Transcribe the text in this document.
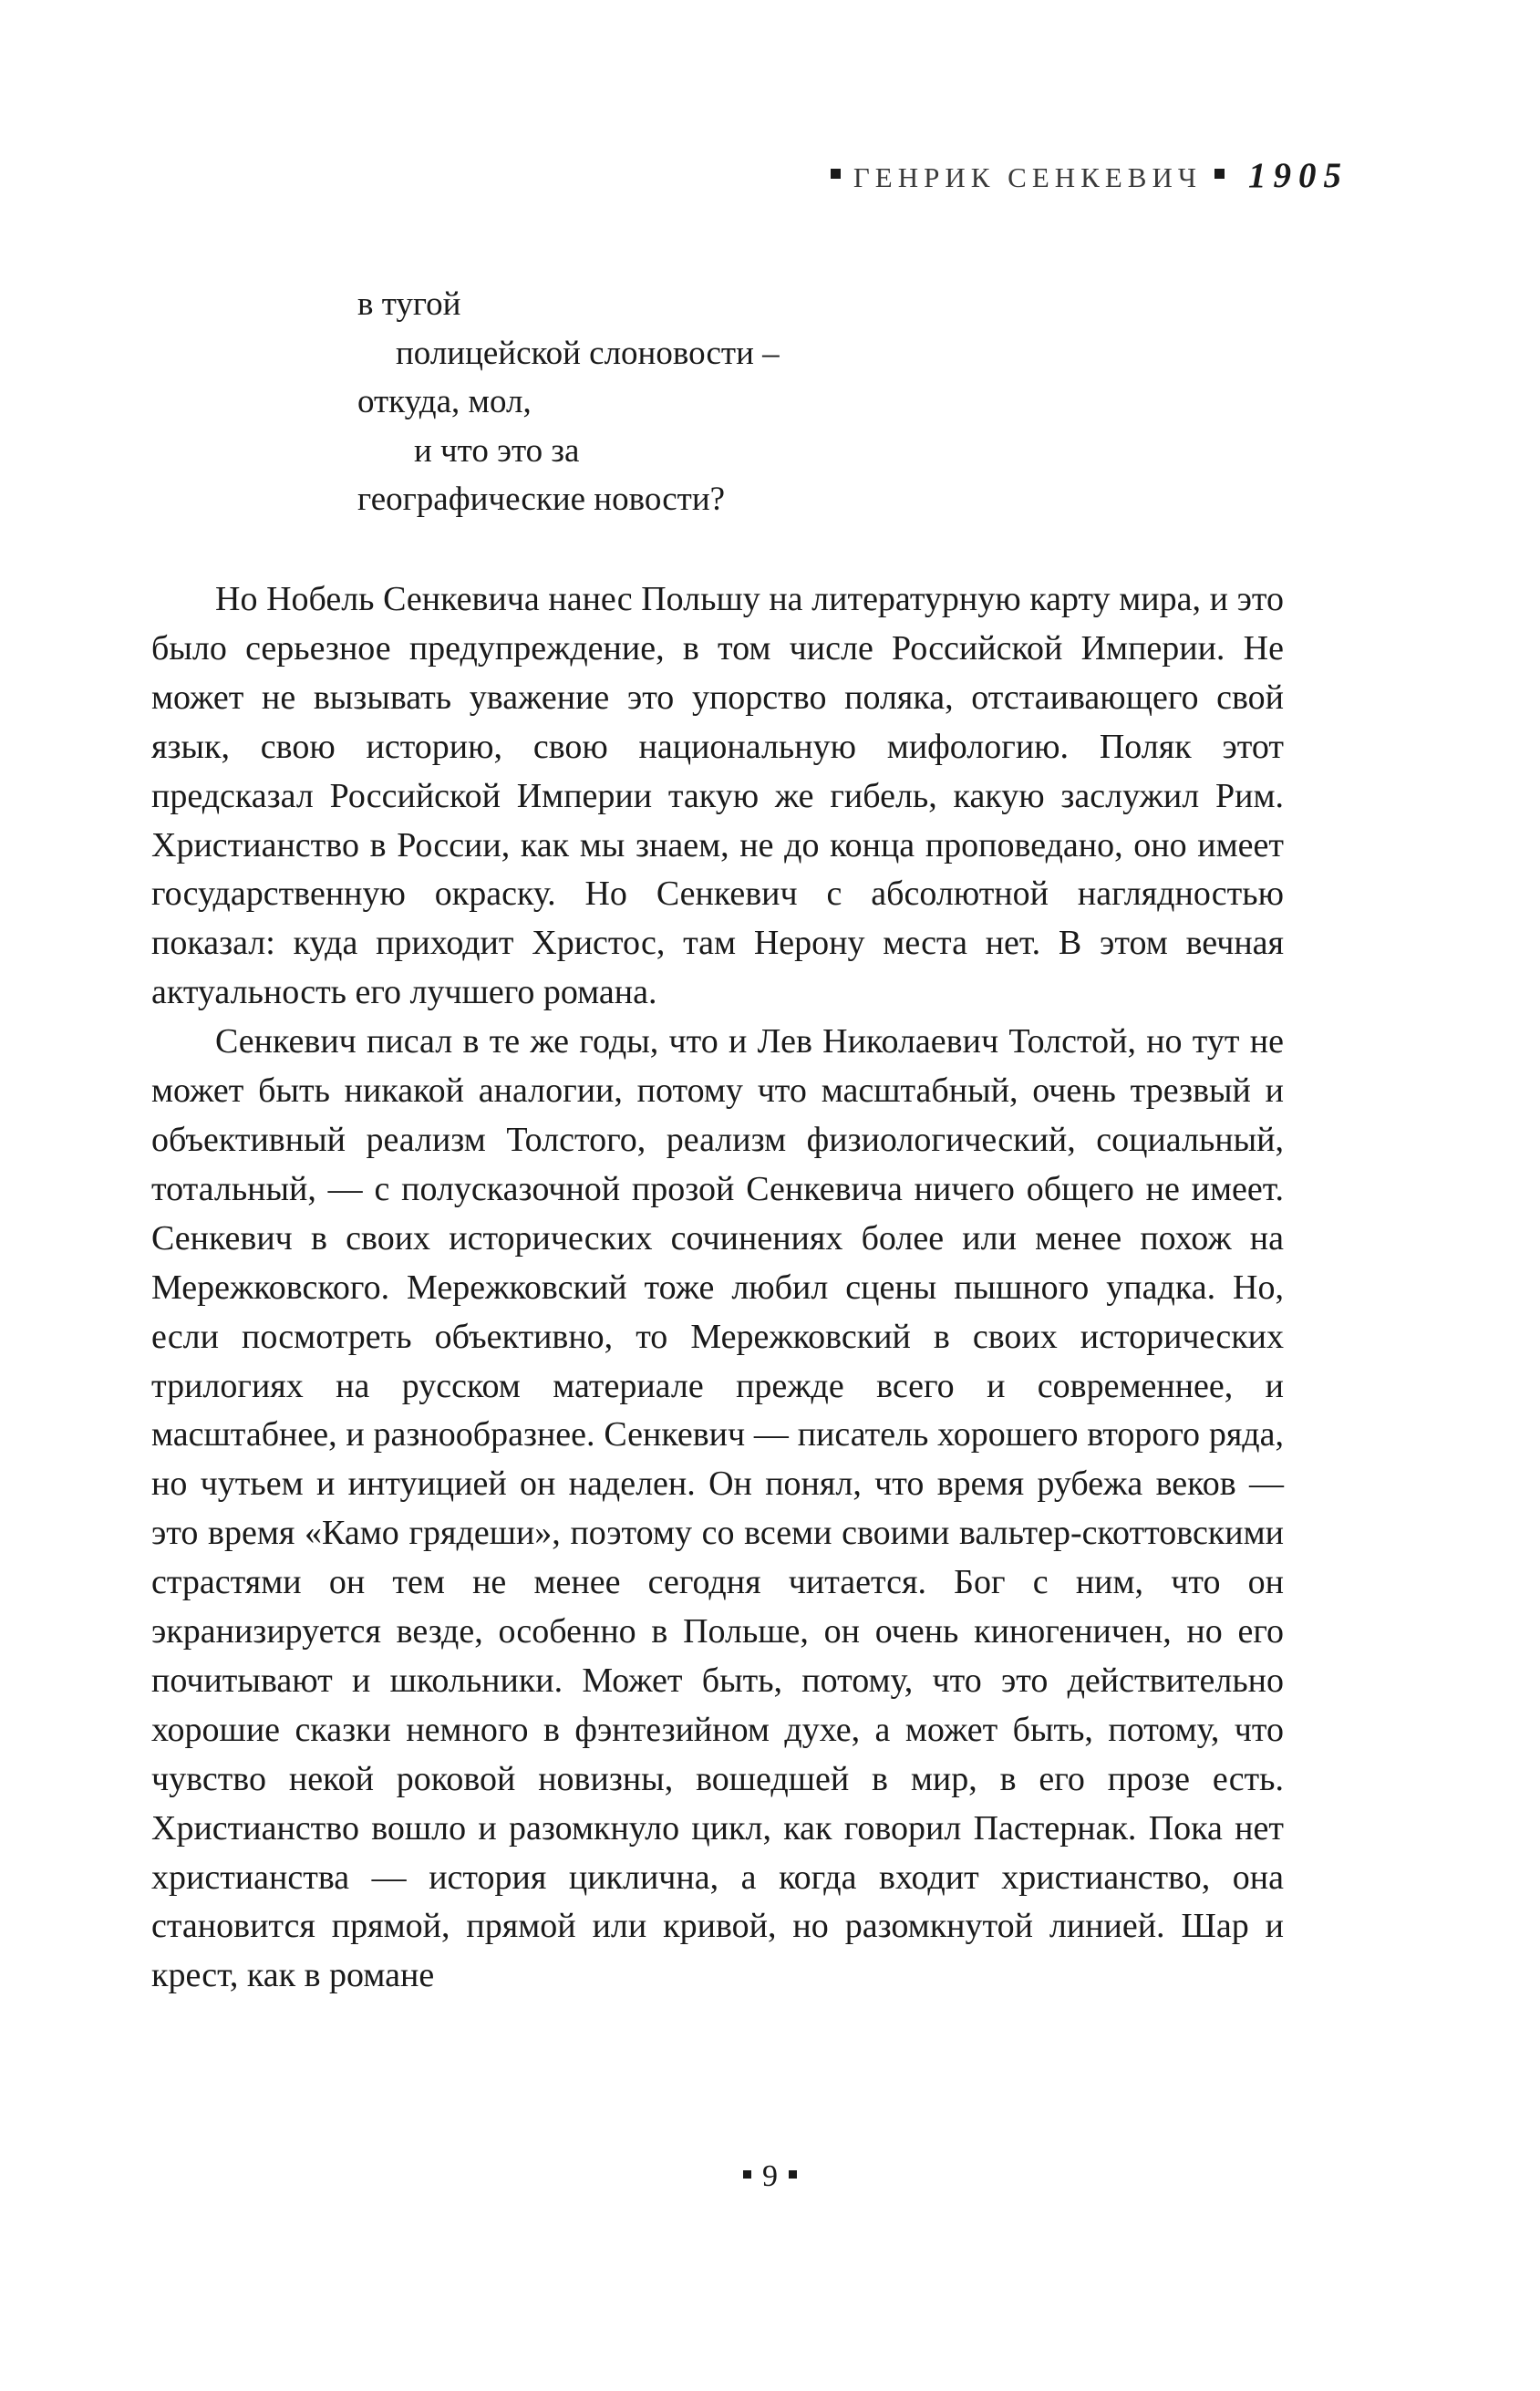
ГЕНРИК СЕНКЕВИЧ 1905
в тугой
полицейской слоновости –
откуда, мол,
и что это за
географические новости?

Но Нобель Сенкевича нанес Польшу на литературную карту мира, и это было серьезное предупреждение, в том числе Российской Империи. Не может не вызывать уважение это упорство поляка, отстаивающего свой язык, свою историю, свою национальную мифологию. Поляк этот предсказал Российской Империи такую же гибель, какую заслужил Рим. Христианство в России, как мы знаем, не до конца проповедано, оно имеет государственную окраску. Но Сенкевич с абсолютной наглядностью показал: куда приходит Христос, там Нерону места нет. В этом вечная актуальность его лучшего романа.

Сенкевич писал в те же годы, что и Лев Николаевич Толстой, но тут не может быть никакой аналогии, потому что масштабный, очень трезвый и объективный реализм Толстого, реализм физиологический, социальный, тотальный, — с полусказочной прозой Сенкевича ничего общего не имеет. Сенкевич в своих исторических сочинениях более или менее похож на Мережковского. Мережковский тоже любил сцены пышного упадка. Но, если посмотреть объективно, то Мережковский в своих исторических трилогиях на русском материале прежде всего и современнее, и масштабнее, и разнообразнее. Сенкевич — писатель хорошего второго ряда, но чутьем и интуицией он наделен. Он понял, что время рубежа веков — это время «Камо грядеши», поэтому со всеми своими вальтер-скоттовскими страстями он тем не менее сегодня читается. Бог с ним, что он экранизируется везде, особенно в Польше, он очень киногеничен, но его почитывают и школьники. Может быть, потому, что это действительно хорошие сказки немного в фэнтезийном духе, а может быть, потому, что чувство некой роковой новизны, вошедшей в мир, в его прозе есть. Христианство вошло и разомкнуло цикл, как говорил Пастернак. Пока нет христианства — история циклична, а когда входит христианство, она становится прямой, прямой или кривой, но разомкнутой линией. Шар и крест, как в романе

9
